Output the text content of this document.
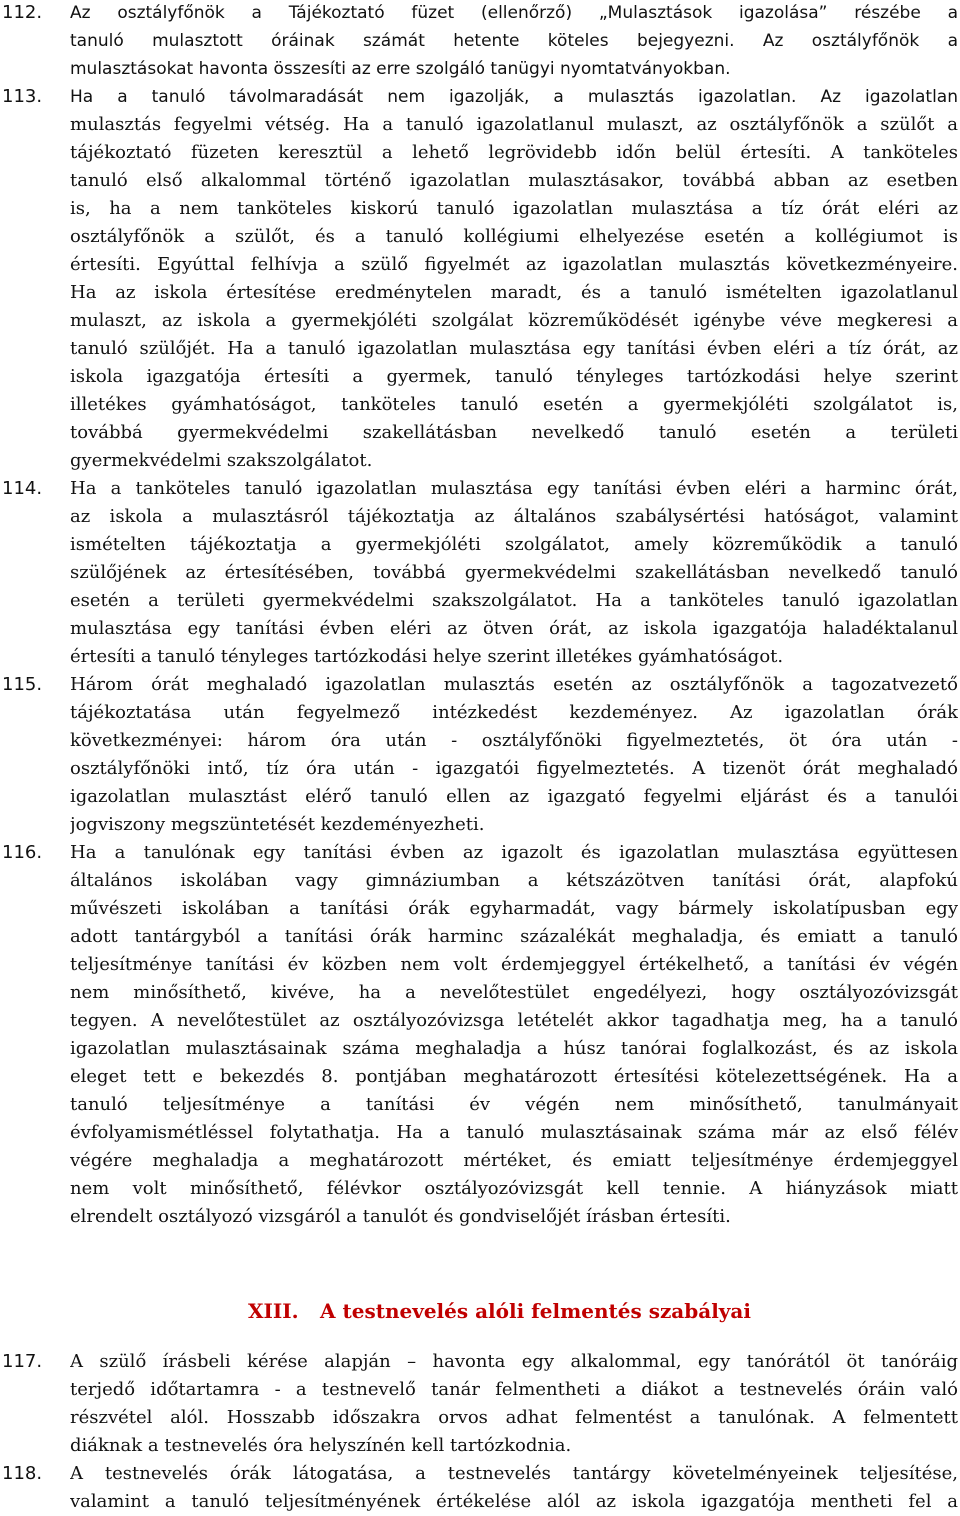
112.	Az osztályfőnök a Tájékoztató füzet (ellenőrző) „Mulasztások igazolása” részébe a
tanuló mulasztott óráinak számát hetente köteles bejegyezni. Az osztályfőnök a
mulasztásokat havonta összesíti az erre szolgáló tanügyi nyomtatványokban.
113.	Ha a tanuló távolmaradását nem igazolják, a mulasztás igazolatlan. Az igazolatlan
mulasztás fegyelmi vétség. Ha a tanuló igazolatlanul mulaszt, az osztályfőnök a szülőt a
tájékoztató füzeten keresztül a lehető legrövidebb időn belül értesíti. A tanköteles
tanuló első alkalommal történő igazolatlan mulasztásakor, továbbá abban az esetben
is, ha a nem tanköteles kiskorú tanuló igazolatlan mulasztása a tíz órát eléri az
osztályfőnök a szülőt, és a tanuló kollégiumi elhelyezése esetén a kollégiumot is
értesíti. Egyúttal felhívja a szülő figyelmét az igazolatlan mulasztás következményeire.
Ha az iskola értesítése eredménytelen maradt, és a tanuló ismételten igazolatlanul
mulaszt, az iskola a gyermekjóléti szolgálat közreműködését igénybe véve megkeresi a
tanuló szülőjét. Ha a tanuló igazolatlan mulasztása egy tanítási évben eléri a tíz órát, az
iskola igazgatója értesíti a gyermek, tanuló tényleges tartózkodási helye szerint
illetékes gyámhatóságot, tanköteles tanuló esetén a gyermekjóléti szolgálatot is,
továbbá gyermekvédelmi szakellátásban nevelkedő tanuló esetén a területi
gyermekvédelmi szakszolgálatot.
114.	Ha a tanköteles tanuló igazolatlan mulasztása egy tanítási évben eléri a harminc órát,
az iskola a mulasztásról tájékoztatja az általános szabálysértési hatóságot, valamint
ismételten tájékoztatja a gyermekjóléti szolgálatot, amely közreműködik a tanuló
szülőjének az értesítésében, továbbá gyermekvédelmi szakellátásban nevelkedő tanuló
esetén a területi gyermekvédelmi szakszolgálatot. Ha a tanköteles tanuló igazolatlan
mulasztása egy tanítási évben eléri az ötven órát, az iskola igazgatója haladéktalanul
értesíti a tanuló tényleges tartózkodási helye szerint illetékes gyámhatóságot.
115.	Három órát meghaladó igazolatlan mulasztás esetén az osztályfőnök a tagozatvezető
tájékoztatása után fegyelmező intézkedést kezdeményez. Az igazolatlan órák
következményei: három óra után - osztályfőnöki figyelmeztetés, öt óra után -
osztályfőnöki intő, tíz óra után - igazgatói figyelmeztetés. A tizenöt órát meghaladó
igazolatlan mulasztást elérő tanuló ellen az igazgató fegyelmi eljárást és a tanulói
jogviszony megszüntetését kezdeményezheti.
116.	Ha a tanulónak egy tanítási évben az igazolt és igazolatlan mulasztása együttesen
általános iskolában vagy gimnáziumban a kétszázötven tanítási órát, alapfokú
művészeti iskolában a tanítási órák egyharmadát, vagy bármely iskolatípusban egy
adott tantárgyból a tanítási órák harminc százalékát meghaladja, és emiatt a tanuló
teljesítménye tanítási év közben nem volt érdemjeggyel értékelhető, a tanítási év végén
nem minősíthető, kivéve, ha a nevelőtestület engedélyezi, hogy osztályozóvizsgát
tegyen. A nevelőtestület az osztályozóvizsga letételét akkor tagadhatja meg, ha a tanuló
igazolatlan mulasztásainak száma meghaladja a húsz tanórai foglalkozást, és az iskola
eleget tett e bekezdés 8. pontjában meghatározott értesítési kötelezettségének. Ha a
tanuló teljesítménye a tanítási év végén nem minősíthető, tanulmányait
évfolyamismétléssel folytathatja. Ha a tanuló mulasztásainak száma már az első félév
végére meghaladja a meghatározott mértéket, és emiatt teljesítménye érdemjeggyel
nem volt minősíthető, félévkor osztályozóvizsgát kell tennie. A hiányzások miatt
elrendelt osztályozó vizsgáról a tanulót és gondviselőjét írásban értesíti.
XIII. A testnevelés alóli felmentés szabályai
117.	A szülő írásbeli kérése alapján – havonta egy alkalommal, egy tanórától öt tanóráig
terjedő időtartamra - a testnevelő tanár felmentheti a diákot a testnevelés óráin való
részvétel alól. Hosszabb időszakra orvos adhat felmentést a tanulónak. A felmentett
diáknak a testnevelés óra helyszínén kell tartózkodnia.
118.	A testnevelés órák látogatása, a testnevelés tantárgy követelményeinek teljesítése,
valamint a tanuló teljesítményének értékelése alól az iskola igazgatója mentheti fel a
